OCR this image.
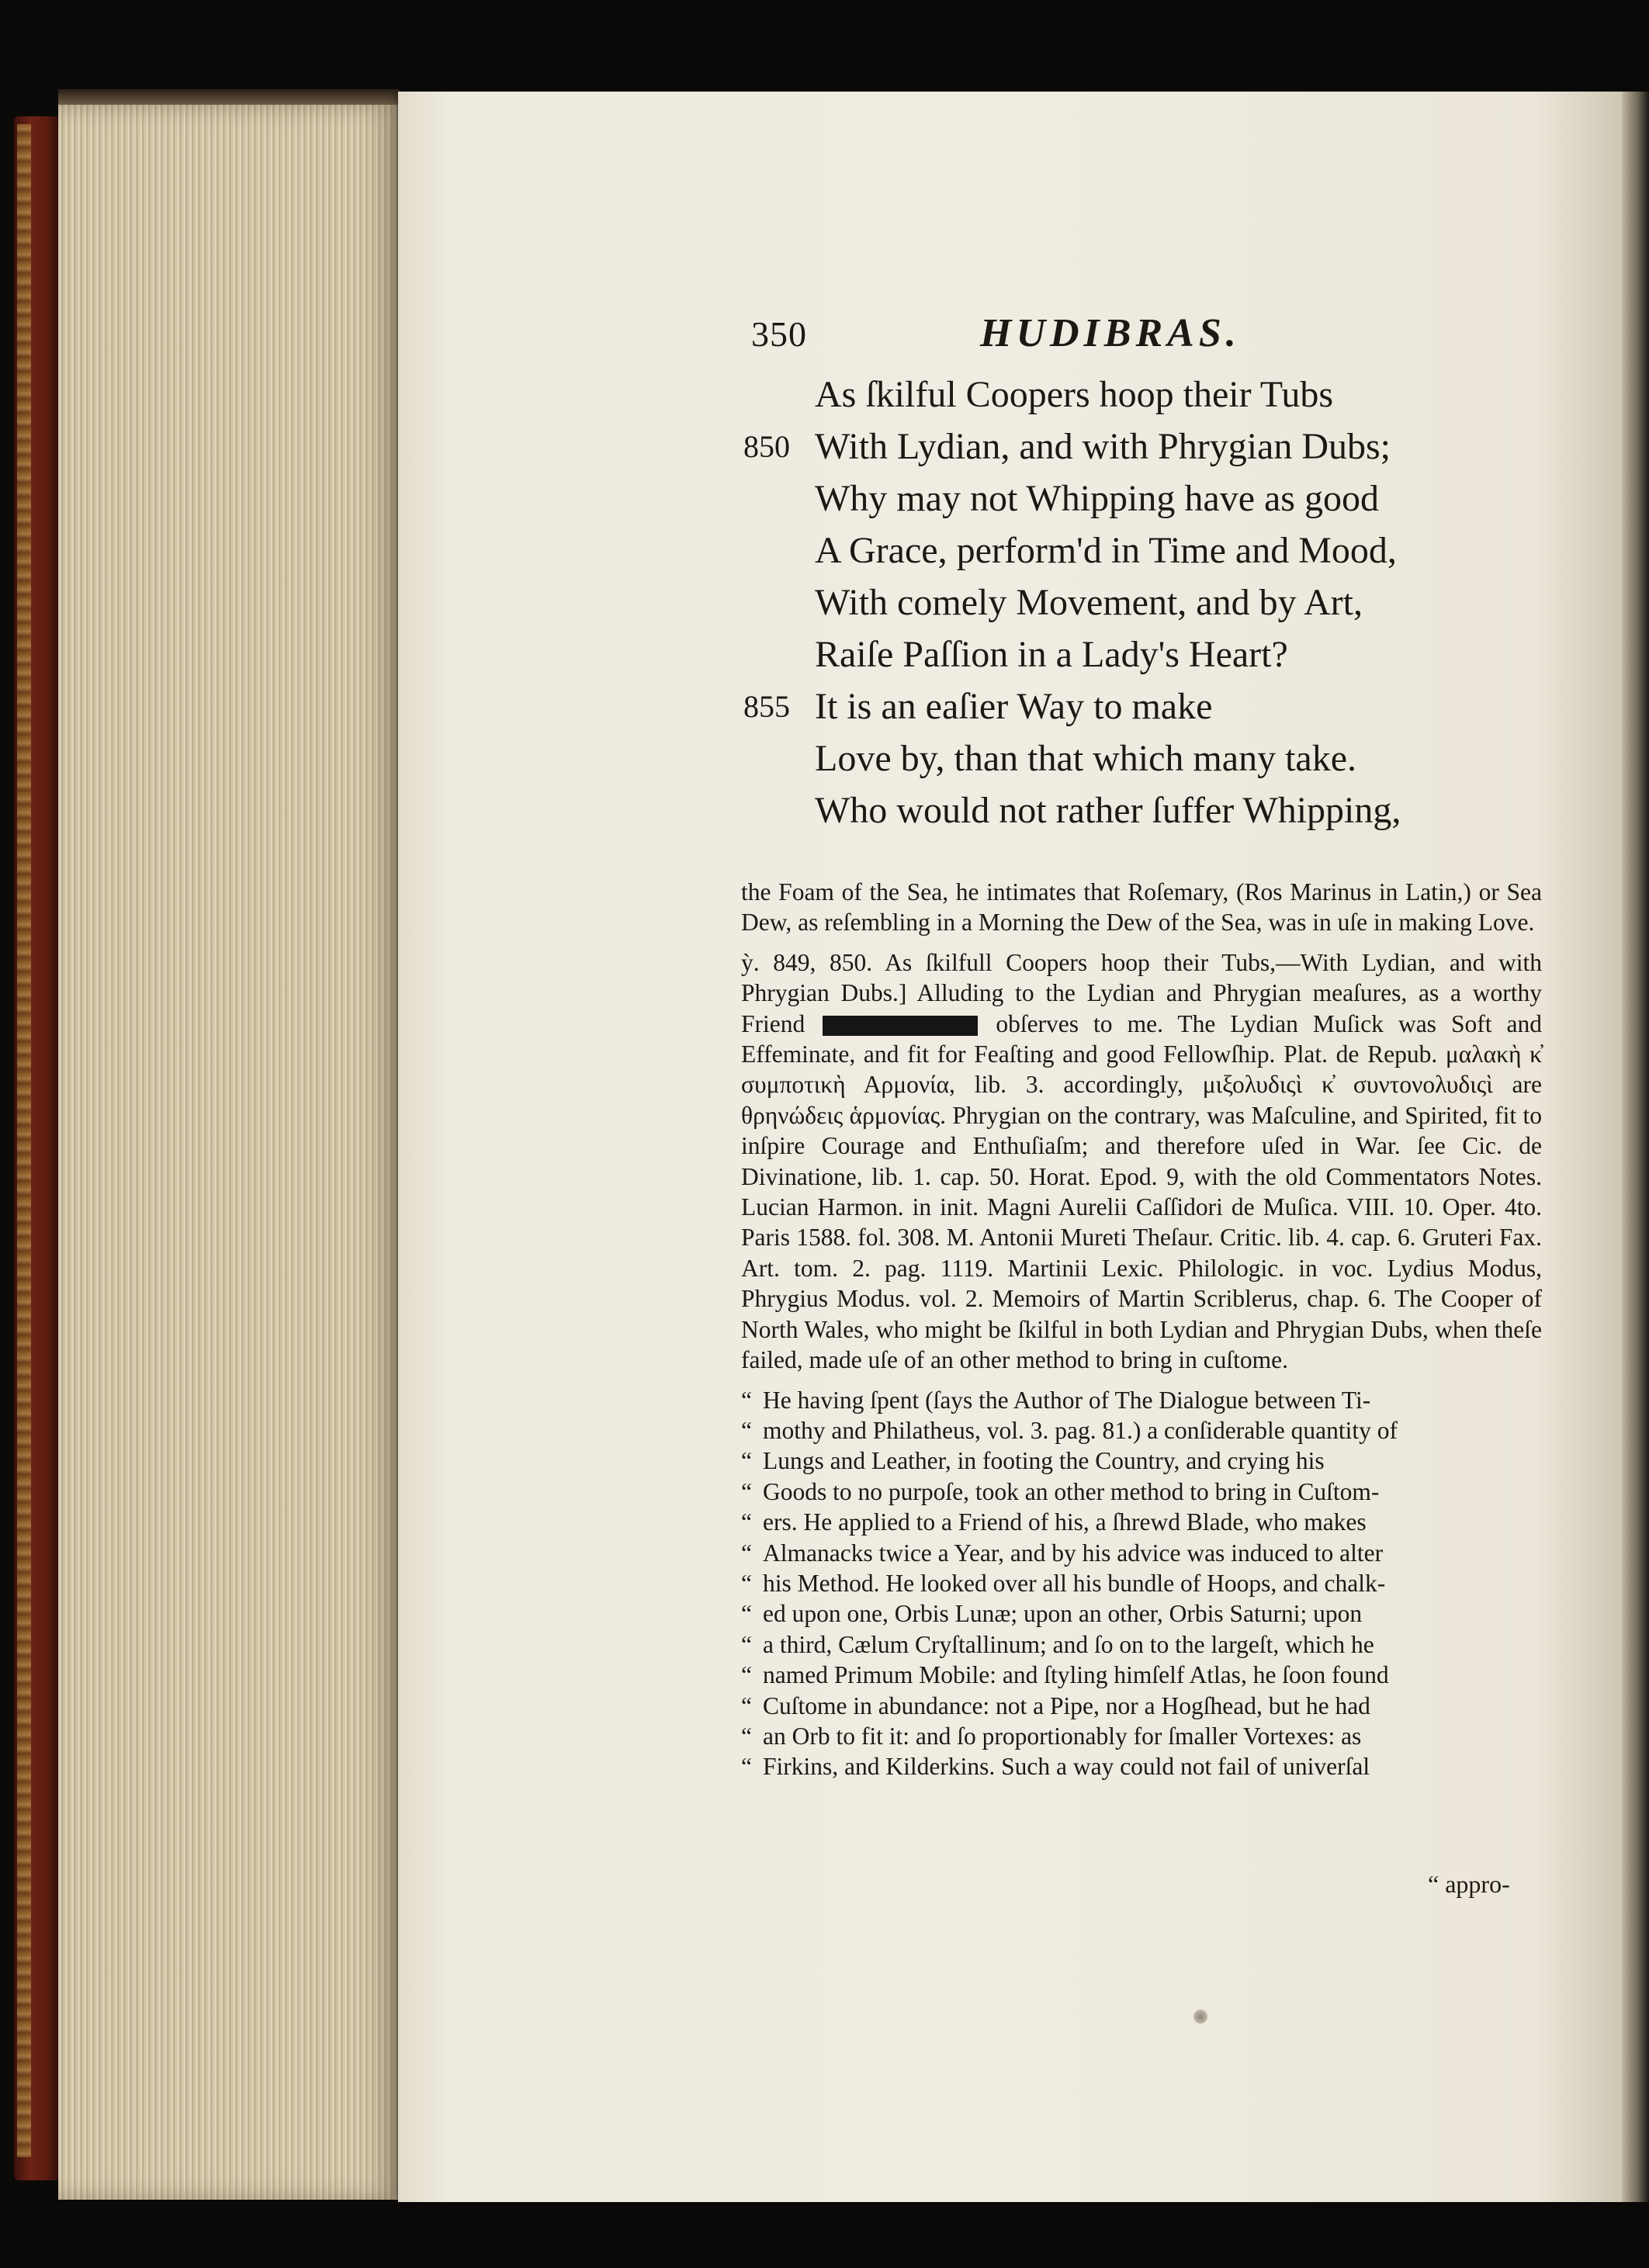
350	HUDIBRAS.
As ſkilful Coopers hoop their Tubs
850 With Lydian, and with Phrygian Dubs;
Why may not Whipping have as good
A Grace, perform'd in Time and Mood,
With comely Movement, and by Art,
Raiſe Paſſion in a Lady's Heart?
855 It is an eaſier Way to make
Love by, than that which many take.
Who would not rather ſuffer Whipping,

the Foam of the Sea, he intimates that Roſemary, (Ros Marinus in Latin,) or Sea Dew, as reſembling in a Morning the Dew of the Sea, was in uſe in making Love.

ỳ. 849, 850. As ſkilfull Coopers hoop their Tubs,—With Lydian, and with Phrygian Dubs.] Alluding to the Lydian and Phrygian meaſures, as a worthy Friend	obſerves to me. The Lydian Muſick was Soft and Effeminate, and fit for Feaſting and good Fellowſhip. Plat. de Repub. μαλακὴ κ̓ συμποτικὴ Αρμονία, lib. 3. accordingly, μιξολυδιςὶ κ̓ συντονολυδιςὶ are θρηνώδεις ἁρμονίας. Phrygian on the contrary, was Maſculine, and Spirited, fit to inſpire Courage and Enthuſiaſm; and therefore uſed in War. ſee Cic. de Divinatione, lib. 1. cap. 50. Horat. Epod. 9, with the old Commentators Notes. Lucian Harmon. in init. Magni Aurelii Caſſidori de Muſica. VIII. 10. Oper. 4to. Paris 1588. fol. 308. M. Antonii Mureti Theſaur. Critic. lib. 4. cap. 6. Gruteri Fax. Art. tom. 2. pag. 1119. Martinii Lexic. Philologic. in voc. Lydius Modus, Phrygius Modus. vol. 2. Memoirs of Martin Scriblerus, chap. 6. The Cooper of North Wales, who might be ſkilful in both Lydian and Phrygian Dubs, when theſe failed, made uſe of an other method to bring in cuſtome.

“ He having ſpent (ſays the Author of The Dialogue between Ti-
“ mothy and Philatheus, vol. 3. pag. 81.) a conſiderable quantity of
“ Lungs and Leather, in footing the Country, and crying his
“ Goods to no purpoſe, took an other method to bring in Cuſtom-
“ ers. He applied to a Friend of his, a ſhrewd Blade, who makes
“ Almanacks twice a Year, and by his advice was induced to alter
“ his Method. He looked over all his bundle of Hoops, and chalk-
“ ed upon one, Orbis Lunæ; upon an other, Orbis Saturni; upon
“ a third, Cælum Cryſtallinum; and ſo on to the largeſt, which he
“ named Primum Mobile: and ſtyling himſelf Atlas, he ſoon found
“ Cuſtome in abundance: not a Pipe, nor a Hogſhead, but he had
“ an Orb to fit it: and ſo proportionably for ſmaller Vortexes: as
“ Firkins, and Kilderkins. Such a way could not fail of univerſal
“ appro-
